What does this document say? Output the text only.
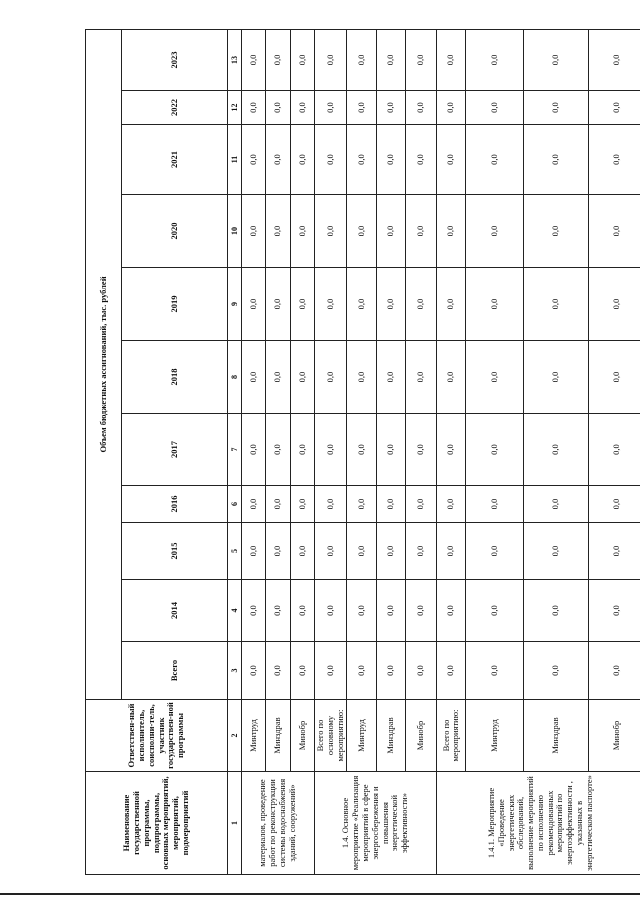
Наименование государственной программы, подпрограммы, основных мероприятий, мероприятий, подмероприятий	Ответствен-ный исполнитель, соисполни-тель, участник государствен-ной программы	Объем бюджетных ассигнований, тыс. рублей										
		Всего	2014	2015	2016	2017	2018	2019	2020	2021	2022	2023
1	2	3	4	5	6	7	8	9	10	11	12	13
материалов, проведение работ по реконструкции системы водоснабжения зданий, сооружений»	Минтруд	0,0	0,0	0,0	0,0	0,0	0,0	0,0	0,0	0,0	0,0	0,0
	Минздрав	0,0	0,0	0,0	0,0	0,0	0,0	0,0	0,0	0,0	0,0	0,0
	Минобр	0,0	0,0	0,0	0,0	0,0	0,0	0,0	0,0	0,0	0,0	0,0
1.4. Основное мероприятие «Реализация мероприятий в сфере энергосбережения и повышения энергетической эффективности»	Всего по основному мероприятию:	0,0	0,0	0,0	0,0	0,0	0,0	0,0	0,0	0,0	0,0	0,0
	Минтруд	0,0	0,0	0,0	0,0	0,0	0,0	0,0	0,0	0,0	0,0	0,0
	Минздрав	0,0	0,0	0,0	0,0	0,0	0,0	0,0	0,0	0,0	0,0	0,0
	Минобр	0,0	0,0	0,0	0,0	0,0	0,0	0,0	0,0	0,0	0,0	0,0
1.4.1. Мероприятие «Проведение энергетических обследований, выполнение мероприятий по исполнению рекомендованных мероприятий по энергоэффективности , указанных в энергетическом паспорте»	Всего по мероприятию:	0,0	0,0	0,0	0,0	0,0	0,0	0,0	0,0	0,0	0,0	0,0
	Минтруд	0,0	0,0	0,0	0,0	0,0	0,0	0,0	0,0	0,0	0,0	0,0
	Минздрав	0,0	0,0	0,0	0,0	0,0	0,0	0,0	0,0	0,0	0,0	0,0
	Минобр	0,0	0,0	0,0	0,0	0,0	0,0	0,0	0,0	0,0	0,0	0,0
